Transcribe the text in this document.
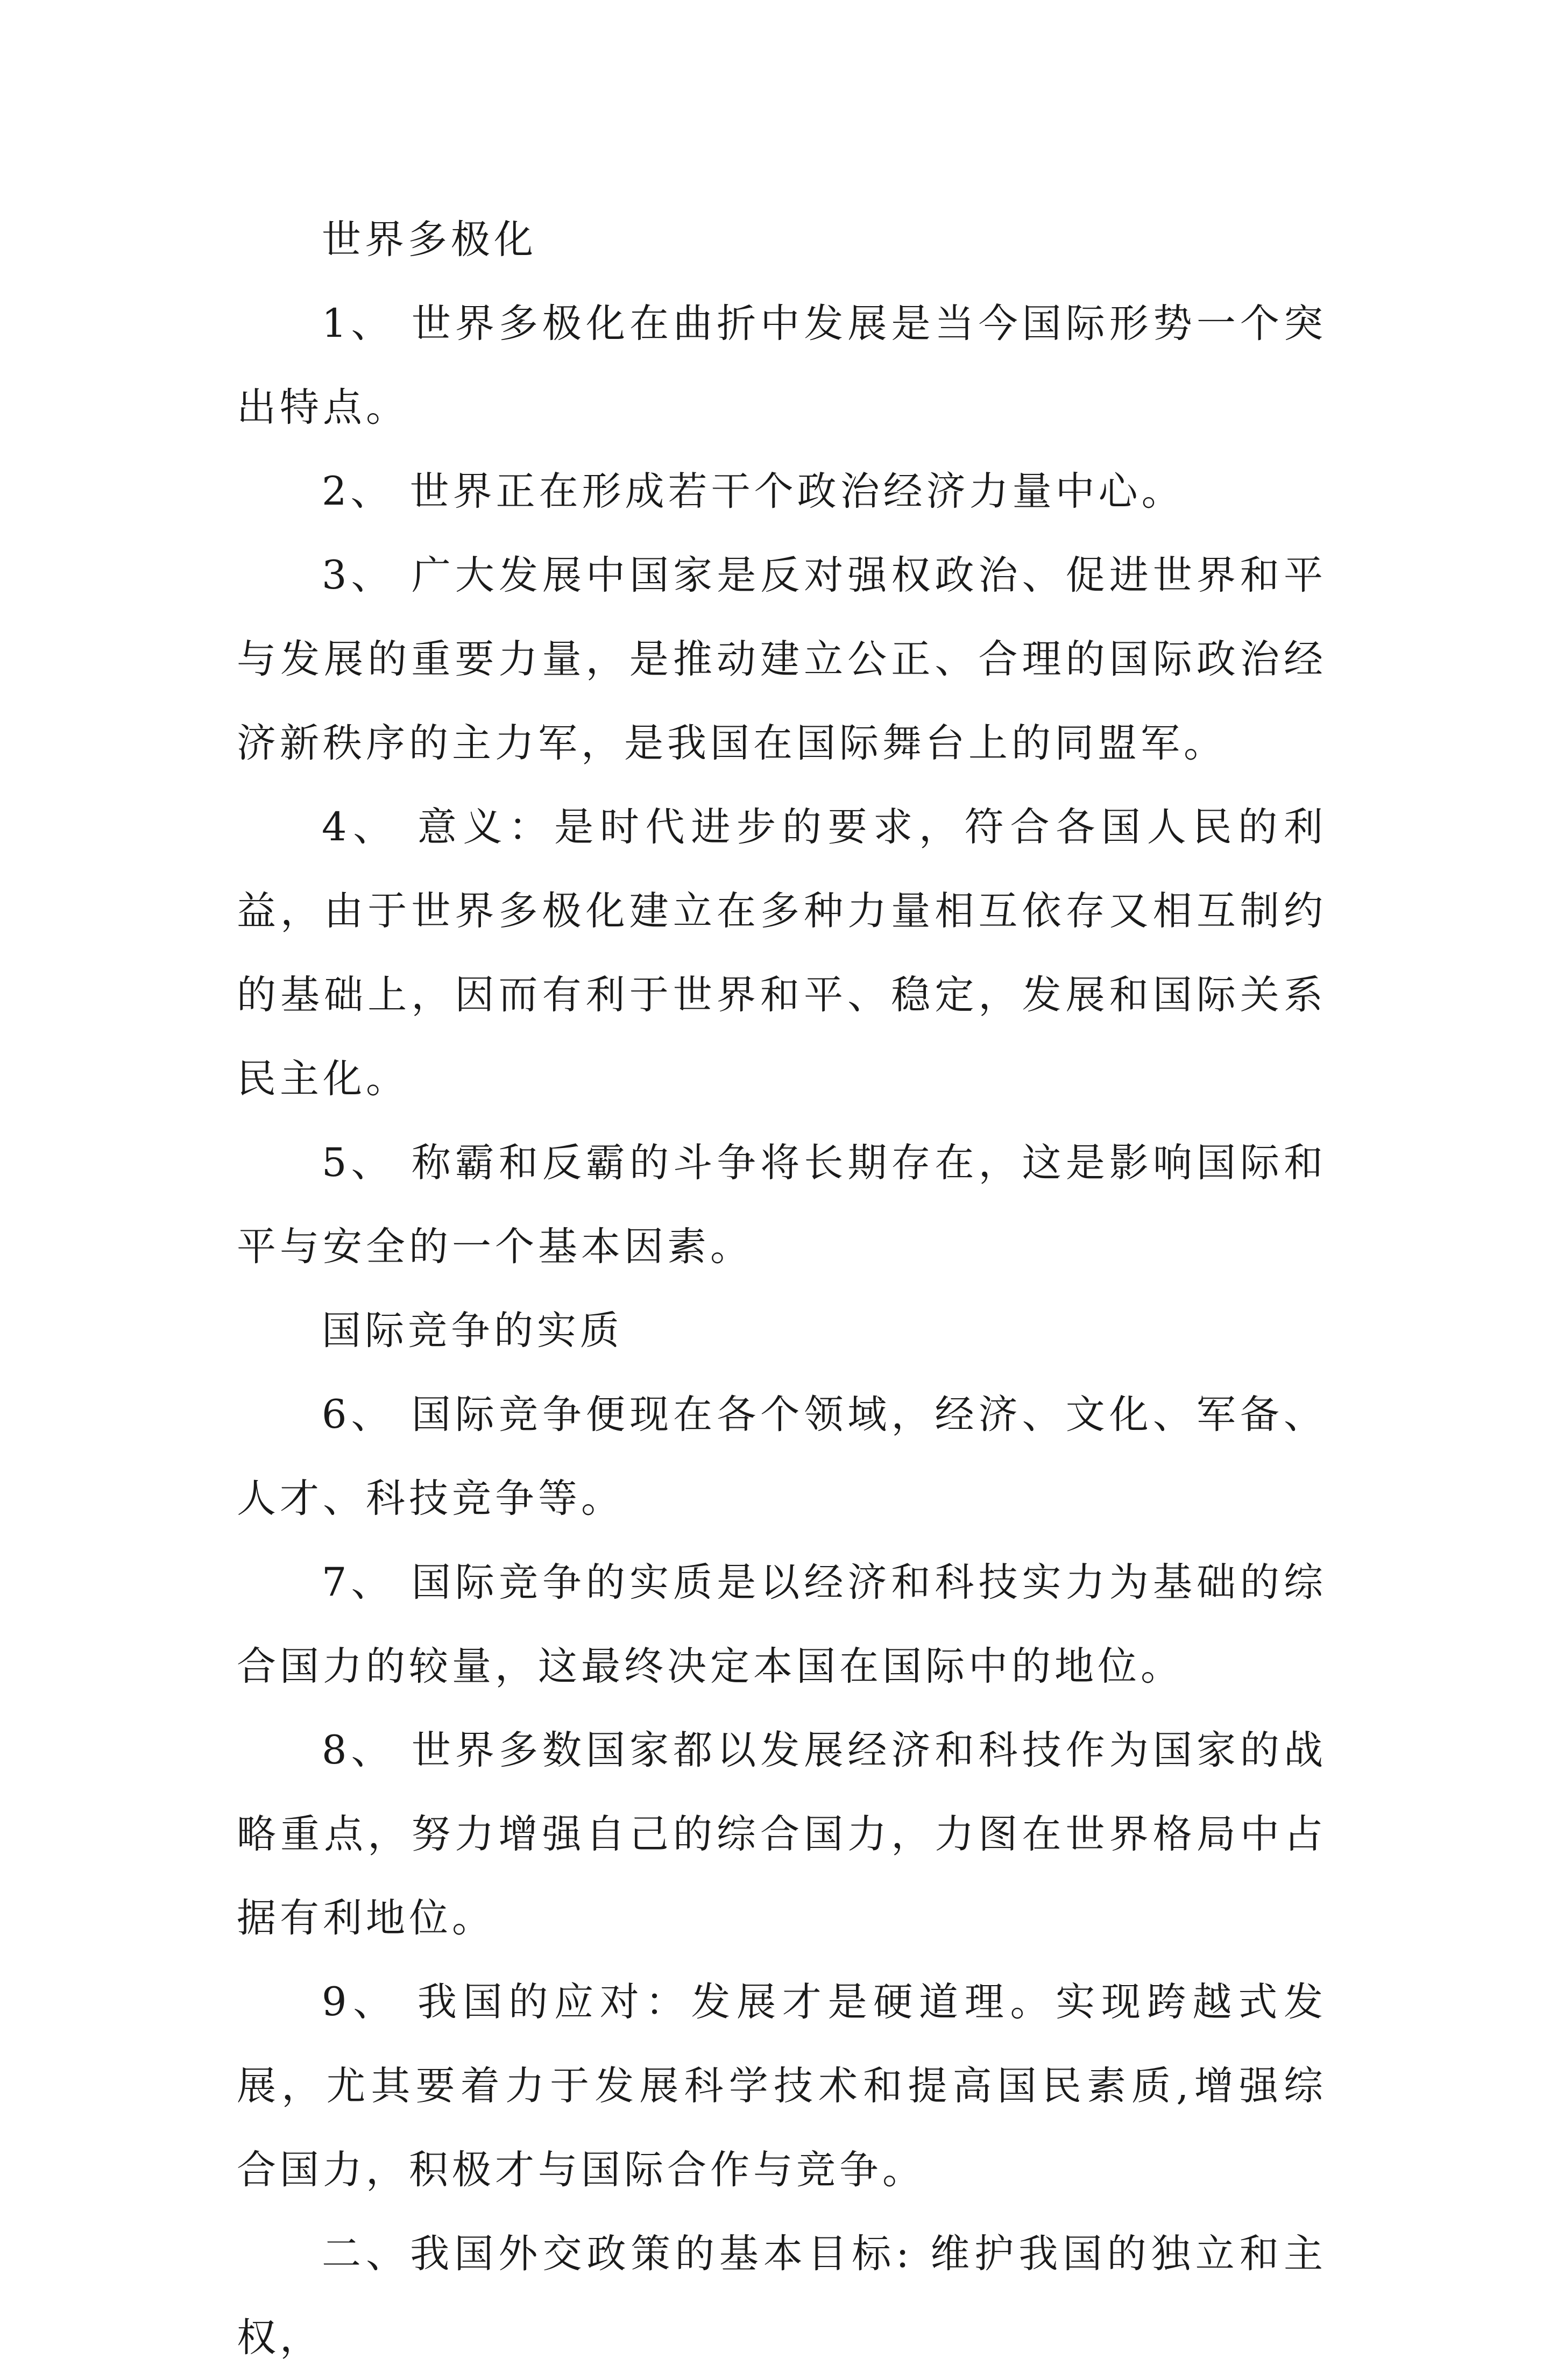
世界多极化

1、 世界多极化在曲折中发展是当今国际形势一个突出特点。

2、 世界正在形成若干个政治经济力量中心。

3、 广大发展中国家是反对强权政治、促进世界和平与发展的重要力量，是推动建立公正、合理的国际政治经济新秩序的主力军，是我国在国际舞台上的同盟军。

4、 意义：是时代进步的要求，符合各国人民的利益，由于世界多极化建立在多种力量相互依存又相互制约的基础上，因而有利于世界和平、稳定，发展和国际关系民主化。

5、 称霸和反霸的斗争将长期存在，这是影响国际和平与安全的一个基本因素。

国际竞争的实质

6、 国际竞争便现在各个领域，经济、文化、军备、人才、科技竞争等。

7、 国际竞争的实质是以经济和科技实力为基础的综合国力的较量，这最终决定本国在国际中的地位。

8、 世界多数国家都以发展经济和科技作为国家的战略重点，努力增强自己的综合国力，力图在世界格局中占据有利地位。

9、 我国的应对：发展才是硬道理。实现跨越式发展，尤其要着力于发展科学技术和提高国民素质,增强综合国力，积极才与国际合作与竞争。

二、我国外交政策的基本目标: 维护我国的独立和主权，
